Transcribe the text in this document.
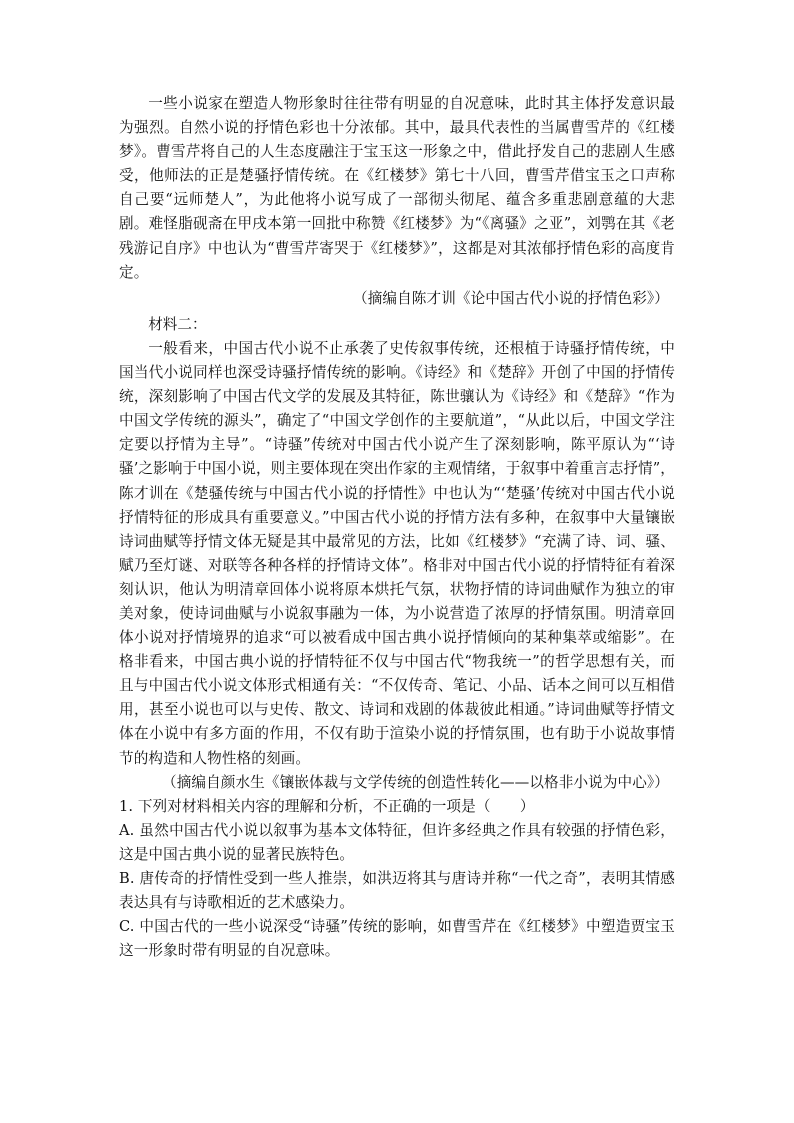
一些小说家在塑造人物形象时往往带有明显的自况意味，此时其主体抒发意识最为强烈。自然小说的抒情色彩也十分浓郁。其中，最具代表性的当属曹雪芹的《红楼梦》。曹雪芹将自己的人生态度融注于宝玉这一形象之中，借此抒发自己的悲剧人生感受，他师法的正是楚骚抒情传统。在《红楼梦》第七十八回，曹雪芹借宝玉之口声称自己要“远师楚人”，为此他将小说写成了一部彻头彻尾、蕴含多重悲剧意蕴的大悲剧。难怪脂砚斋在甲戌本第一回批中称赞《红楼梦》为“《离骚》之亚”，刘鹗在其《老残游记自序》中也认为“曹雪芹寄哭于《红楼梦》”，这都是对其浓郁抒情色彩的高度肯定。

（摘编自陈才训《论中国古代小说的抒情色彩》）

材料二：

一般看来，中国古代小说不止承袭了史传叙事传统，还根植于诗骚抒情传统，中国当代小说同样也深受诗骚抒情传统的影响。《诗经》和《楚辞》开创了中国的抒情传统，深刻影响了中国古代文学的发展及其特征，陈世骧认为《诗经》和《楚辞》“作为中国文学传统的源头”，确定了“中国文学创作的主要航道”，“从此以后，中国文学注定要以抒情为主导”。“诗骚”传统对中国古代小说产生了深刻影响，陈平原认为“‘诗骚’之影响于中国小说，则主要体现在突出作家的主观情绪，于叙事中着重言志抒情”，陈才训在《楚骚传统与中国古代小说的抒情性》中也认为“‘楚骚’传统对中国古代小说抒情特征的形成具有重要意义。”中国古代小说的抒情方法有多种，在叙事中大量镶嵌诗词曲赋等抒情文体无疑是其中最常见的方法，比如《红楼梦》“充满了诗、词、骚、赋乃至灯谜、对联等各种各样的抒情诗文体”。格非对中国古代小说的抒情特征有着深刻认识，他认为明清章回体小说将原本烘托气氛，状物抒情的诗词曲赋作为独立的审美对象，使诗词曲赋与小说叙事融为一体，为小说营造了浓厚的抒情氛围。明清章回体小说对抒情境界的追求“可以被看成中国古典小说抒情倾向的某种集萃或缩影”。在格非看来，中国古典小说的抒情特征不仅与中国古代“物我统一”的哲学思想有关，而且与中国古代小说文体形式相通有关：“不仅传奇、笔记、小品、话本之间可以互相借用，甚至小说也可以与史传、散文、诗词和戏剧的体裁彼此相通。”诗词曲赋等抒情文体在小说中有多方面的作用，不仅有助于渲染小说的抒情氛围，也有助于小说故事情节的构造和人物性格的刻画。

（摘编自颜水生《镶嵌体裁与文学传统的创造性转化——以格非小说为中心》）

1. 下列对材料相关内容的理解和分析，不正确的一项是（　　）

A. 虽然中国古代小说以叙事为基本文体特征，但许多经典之作具有较强的抒情色彩，这是中国古典小说的显著民族特色。

B. 唐传奇的抒情性受到一些人推崇，如洪迈将其与唐诗并称“一代之奇”，表明其情感表达具有与诗歌相近的艺术感染力。

C. 中国古代的一些小说深受“诗骚”传统的影响，如曹雪芹在《红楼梦》中塑造贾宝玉这一形象时带有明显的自况意味。
